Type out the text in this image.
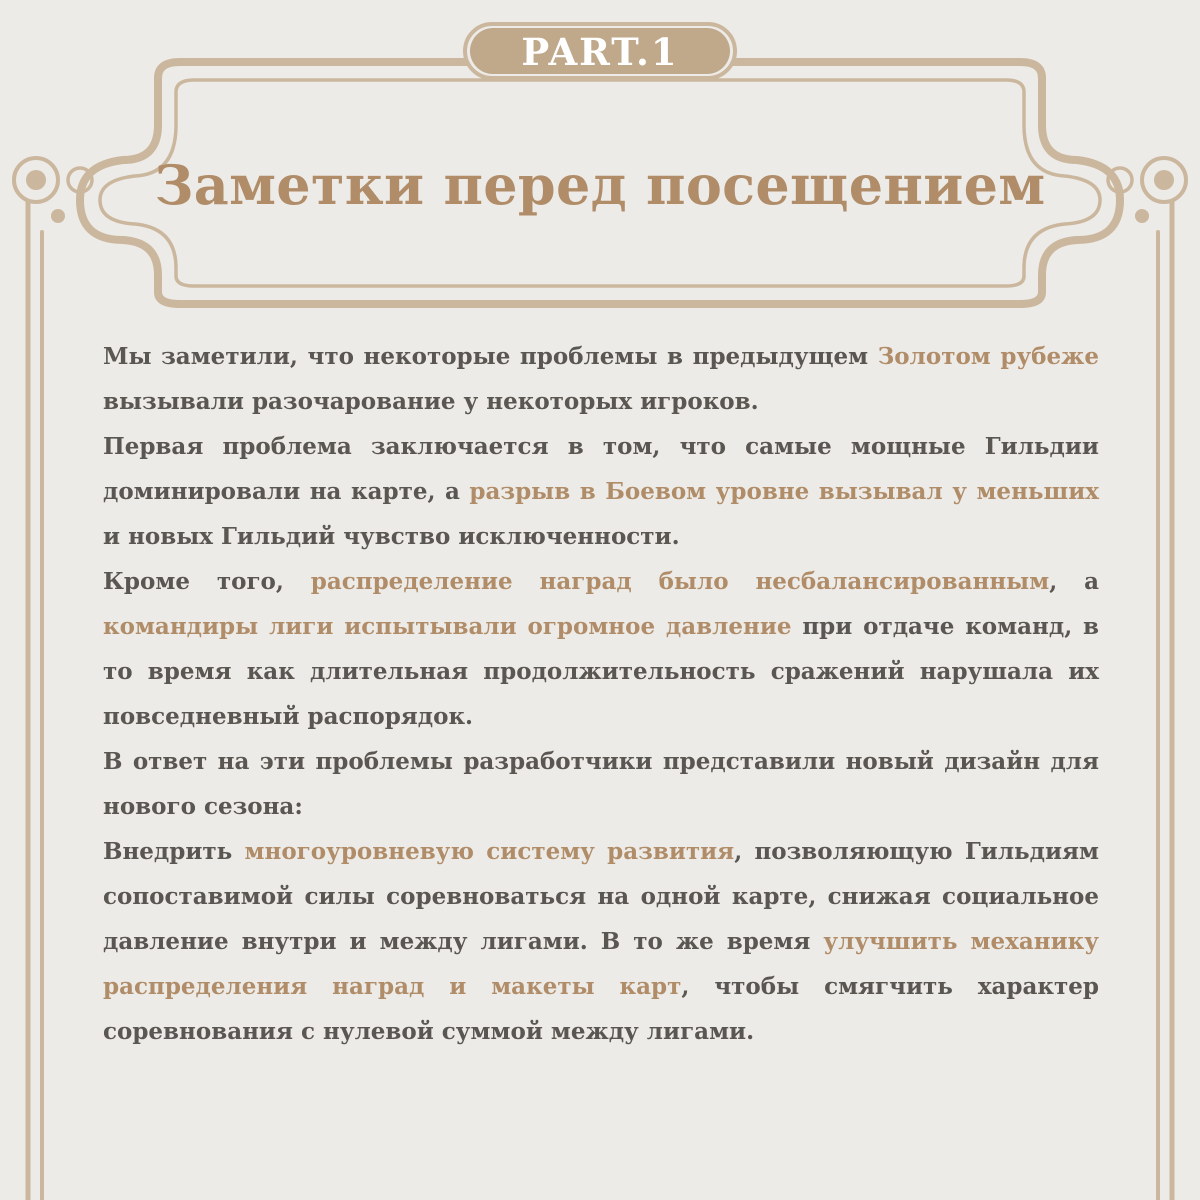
PART.1
Заметки перед посещением

Мы заметили, что некоторые проблемы в предыдущем Золотом рубеже вызывали разочарование у некоторых игроков.

Первая проблема заключается в том, что самые мощные Гильдии доминировали на карте, а разрыв в Боевом уровне вызывал у меньших и новых Гильдий чувство исключенности.

Кроме того, распределение наград было несбалансированным, а командиры лиги испытывали огромное давление при отдаче команд, в то время как длительная продолжительность сражений нарушала их повседневный распорядок.

В ответ на эти проблемы разработчики представили новый дизайн для нового сезона:

Внедрить многоуровневую систему развития, позволяющую Гильдиям сопоставимой силы соревноваться на одной карте, снижая социальное давление внутри и между лигами. В то же время улучшить механику распределения наград и макеты карт, чтобы смягчить характер соревнования с нулевой суммой между лигами.
